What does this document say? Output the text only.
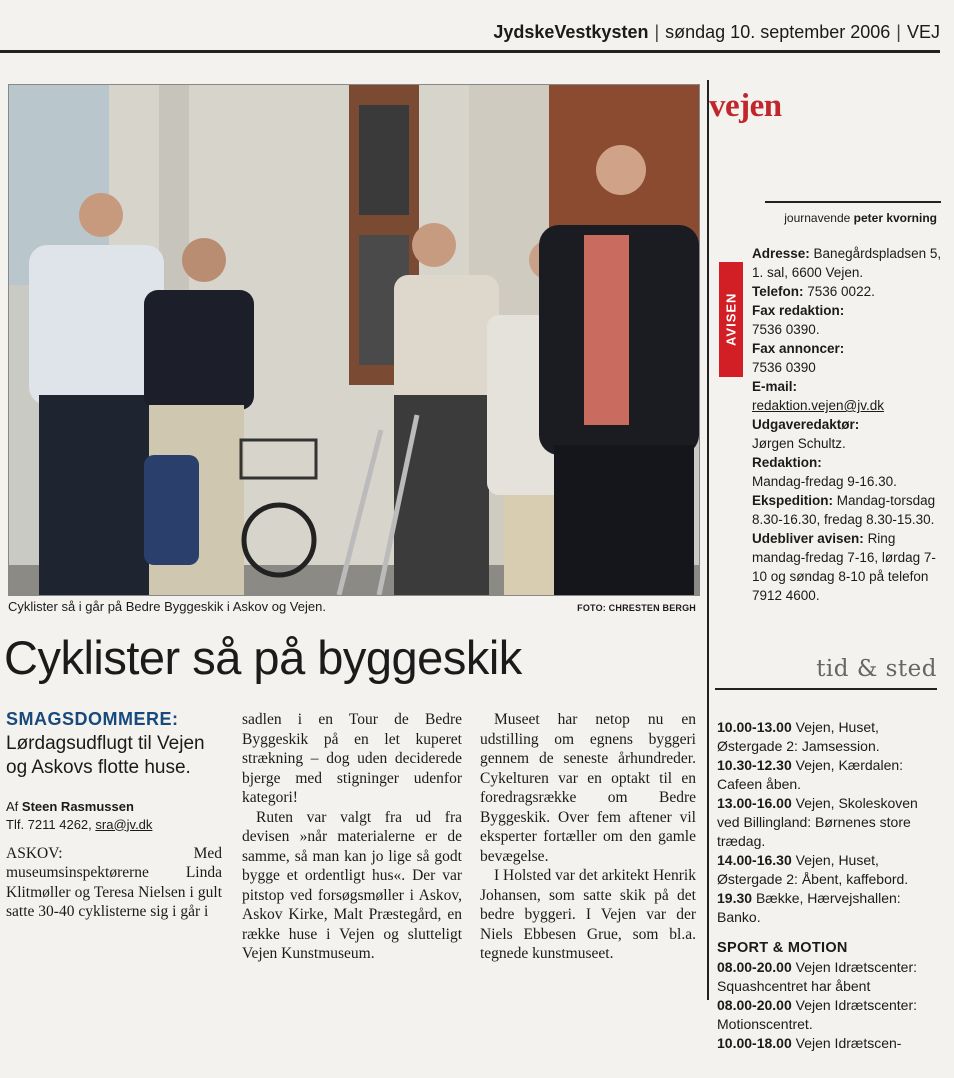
JydskeVestkysten | søndag 10. september 2006 | VEJ
Cyklister så i går på Bedre Byggeskik i Askov og Vejen.	FOTO: CHRESTEN BERGH
Cyklister så på byggeskik
SMAGSDOMMERE:

Lørdagsudflugt til Vejen og Askovs flotte huse.

Af Steen Rasmussen

Tlf. 7211 4262, sra@jv.dk

ASKOV: Med museumsinspektørerne Linda Klitmøller og Teresa Nielsen i gult satte 30-40 cyklisterne sig i går i

sadlen i en Tour de Bedre Byggeskik på en let kuperet strækning – dog uden deciderede bjerge med stigninger udenfor kategori!

Ruten var valgt fra ud fra devisen »når materialerne er de samme, så man kan jo lige så godt bygge et ordentligt hus«. Der var pitstop ved forsøgsmøller i Askov, Askov Kirke, Malt Præstegård, en række huse i Vejen og slutteligt Vejen Kunstmuseum.

Museet har netop nu en udstilling om egnens byggeri gennem de seneste århundreder. Cykelturen var en optakt til en foredragsrække om Bedre Byggeskik. Over fem aftener vil eksperter fortæller om den gamle bevægelse.

I Holsted var det arkitekt Henrik Johansen, som satte skik på det bedre byggeri. I Vejen var der Niels Ebbesen Grue, som bl.a. tegnede kunstmuseet.

vejen
journavende peter kvorning
AVISEN
Adresse: Banegårdspladsen 5, 1. sal, 6600 Vejen.
Telefon: 7536 0022.
Fax redaktion:
7536 0390.
Fax annoncer:
7536 0390
E-mail:
redaktion.vejen@jv.dk
Udgaveredaktør:
Jørgen Schultz.
Redaktion:
Mandag-fredag 9-16.30.
Ekspedition: Mandag-torsdag 8.30-16.30, fredag 8.30-15.30.
Udebliver avisen: Ring mandag-fredag 7-16, lørdag 7-10 og søndag 8-10 på telefon 7912 4600.
tid & sted

10.00-13.00 Vejen, Huset, Østergade 2: Jamsession.

10.30-12.30 Vejen, Kærdalen: Cafeen åben.

13.00-16.00 Vejen, Skoleskoven ved Billingland: Børnenes store trædag.

14.00-16.30 Vejen, Huset, Østergade 2: Åbent, kaffebord.

19.30 Bække, Hærvejshallen: Banko.

SPORT & MOTION

08.00-20.00 Vejen Idrætscenter: Squashcentret har åbent

08.00-20.00 Vejen Idrætscenter: Motionscentret.

10.00-18.00 Vejen Idrætscen-
